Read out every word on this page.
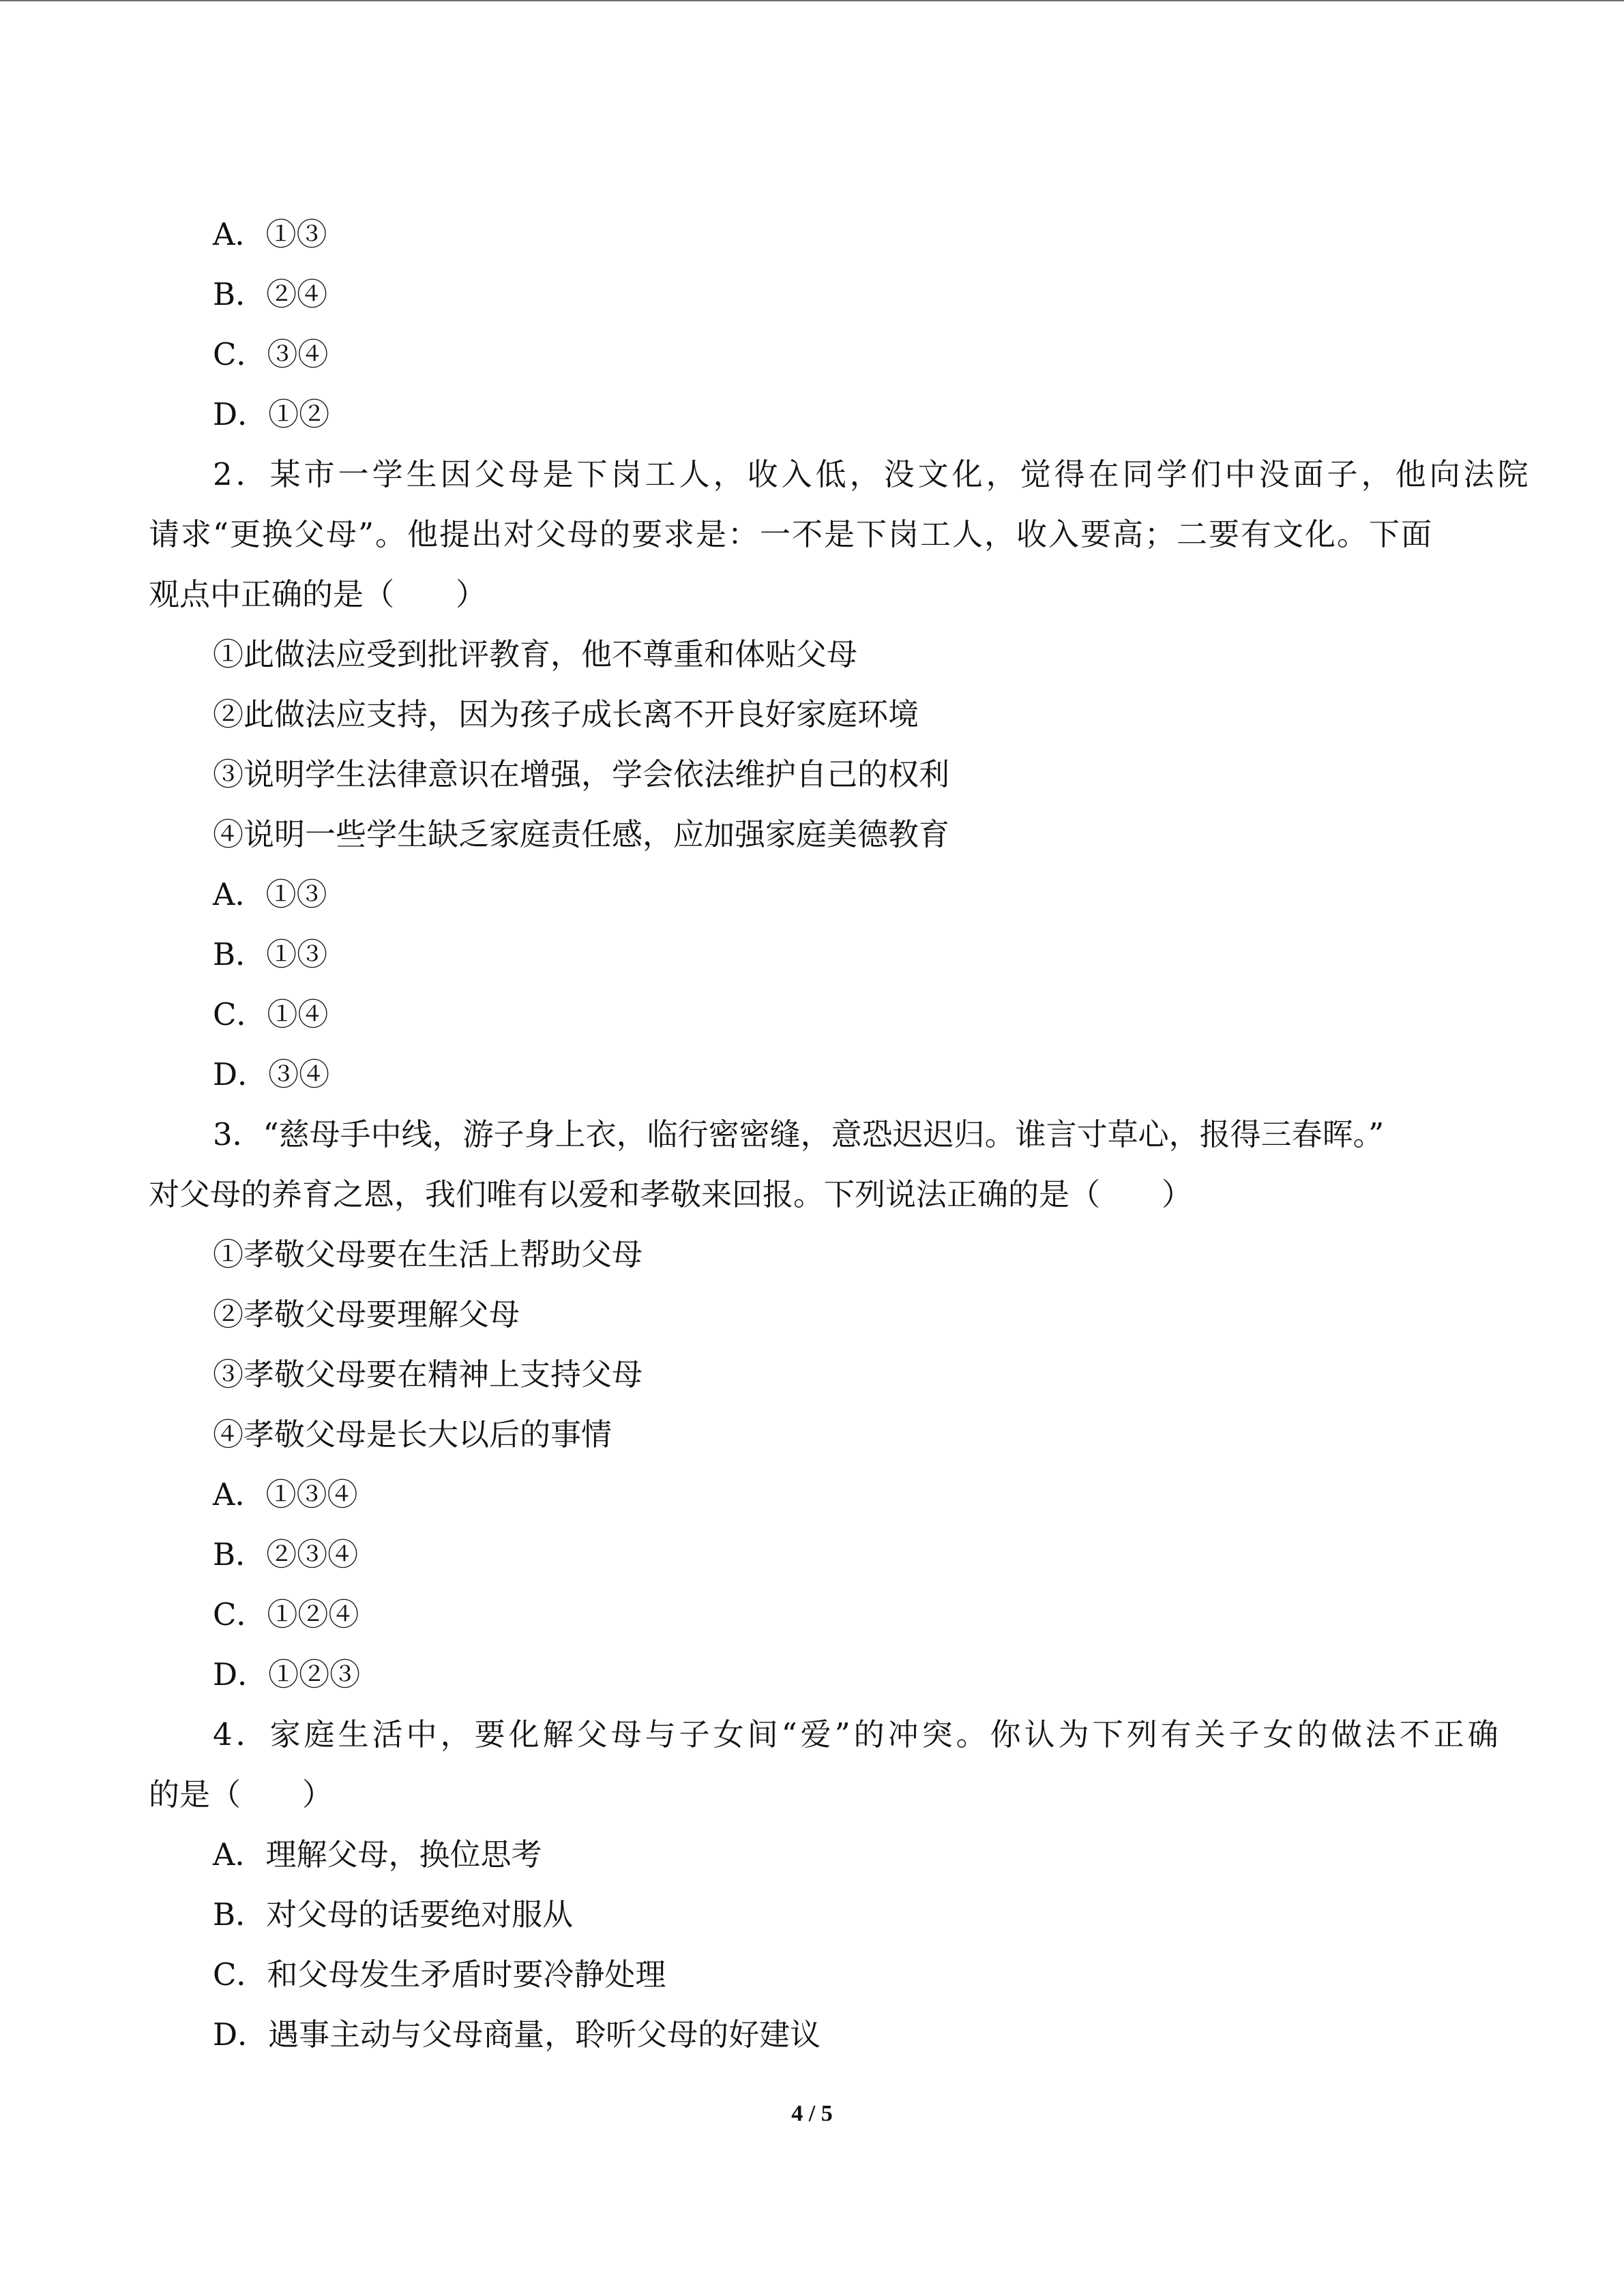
A．①③
B．②④
C．③④
D．①②
2．某市一学生因父母是下岗工人，收入低，没文化，觉得在同学们中没面子，他向法院
请求“更换父母”。他提出对父母的要求是：一不是下岗工人，收入要高；二要有文化。下面
观点中正确的是（　　）
①此做法应受到批评教育，他不尊重和体贴父母
②此做法应支持，因为孩子成长离不开良好家庭环境
③说明学生法律意识在增强，学会依法维护自己的权利
④说明一些学生缺乏家庭责任感，应加强家庭美德教育
A．①③
B．①③
C．①④
D．③④
3．“慈母手中线，游子身上衣，临行密密缝，意恐迟迟归。谁言寸草心，报得三春晖。”
对父母的养育之恩，我们唯有以爱和孝敬来回报。下列说法正确的是（　　）
①孝敬父母要在生活上帮助父母
②孝敬父母要理解父母
③孝敬父母要在精神上支持父母
④孝敬父母是长大以后的事情
A．①③④
B．②③④
C．①②④
D．①②③
4．家庭生活中，要化解父母与子女间“爱”的冲突。你认为下列有关子女的做法不正确
的是（　　）
A．理解父母，换位思考
B．对父母的话要绝对服从
C．和父母发生矛盾时要冷静处理
D．遇事主动与父母商量，聆听父母的好建议
4 / 5
